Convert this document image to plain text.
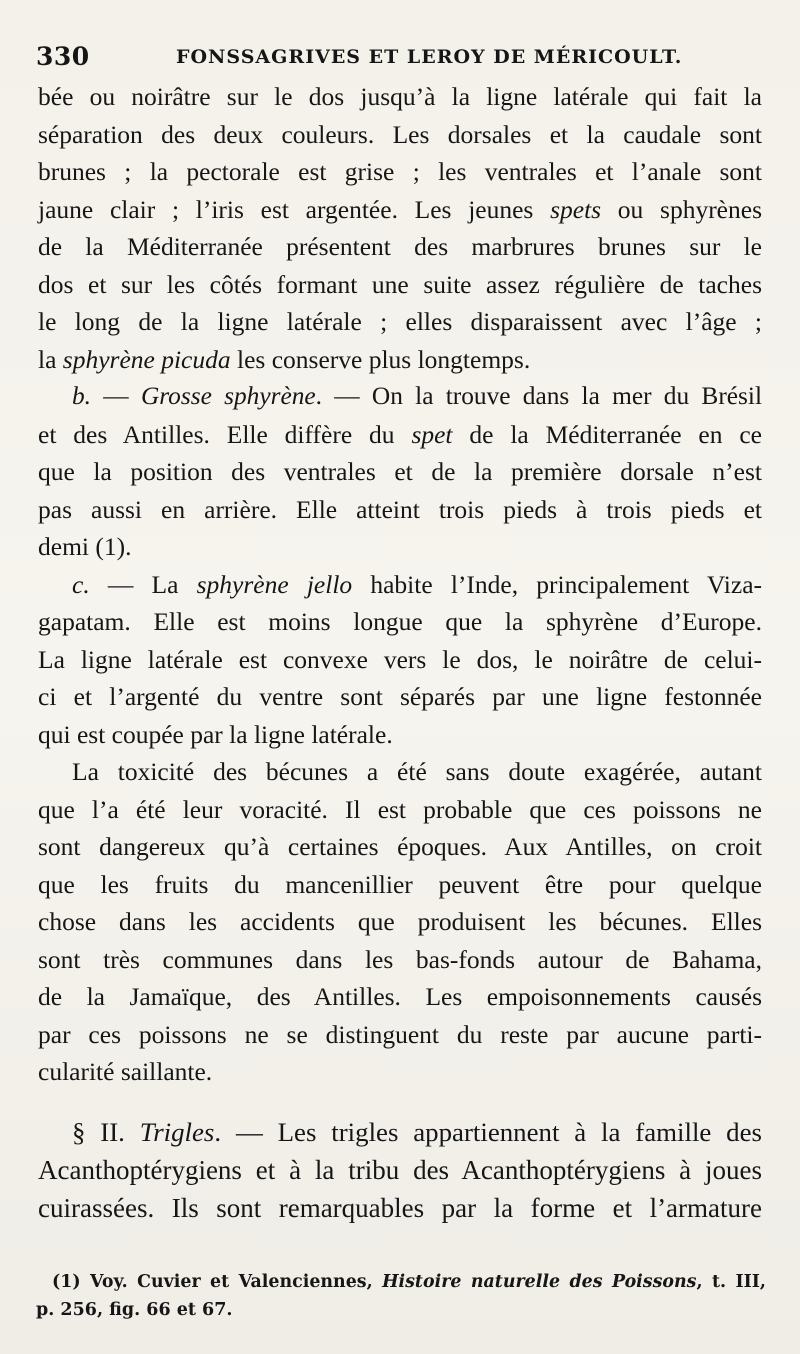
330	FONSSAGRIVES ET LEROY DE MÉRICOULT.
bée ou noirâtre sur le dos jusqu’à la ligne latérale qui fait la
séparation des deux couleurs. Les dorsales et la caudale sont
brunes ; la pectorale est grise ; les ventrales et l’anale sont
jaune clair ; l’iris est argentée. Les jeunes spets ou sphyrènes
de la Méditerranée présentent des marbrures brunes sur le
dos et sur les côtés formant une suite assez régulière de taches
le long de la ligne latérale ; elles disparaissent avec l’âge ;
la sphyrène picuda les conserve plus longtemps.
b. — Grosse sphyrène. — On la trouve dans la mer du Brésil
et des Antilles. Elle diffère du spet de la Méditerranée en ce
que la position des ventrales et de la première dorsale n’est
pas aussi en arrière. Elle atteint trois pieds à trois pieds et
demi (1).
c. — La sphyrène jello habite l’Inde, principalement Viza-
gapatam. Elle est moins longue que la sphyrène d’Europe.
La ligne latérale est convexe vers le dos, le noirâtre de celui-
ci et l’argenté du ventre sont séparés par une ligne festonnée
qui est coupée par la ligne latérale.
La toxicité des bécunes a été sans doute exagérée, autant
que l’a été leur voracité. Il est probable que ces poissons ne
sont dangereux qu’à certaines époques. Aux Antilles, on croit
que les fruits du mancenillier peuvent être pour quelque
chose dans les accidents que produisent les bécunes. Elles
sont très communes dans les bas-fonds autour de Bahama,
de la Jamaïque, des Antilles. Les empoisonnements causés
par ces poissons ne se distinguent du reste par aucune parti-
cularité saillante.
§ II. Trigles. — Les trigles appartiennent à la famille des
Acanthoptérygiens et à la tribu des Acanthoptérygiens à joues
cuirassées. Ils sont remarquables par la forme et l’armature
(1) Voy. Cuvier et Valenciennes, Histoire naturelle des Poissons, t. III,
p. 256, fig. 66 et 67.
